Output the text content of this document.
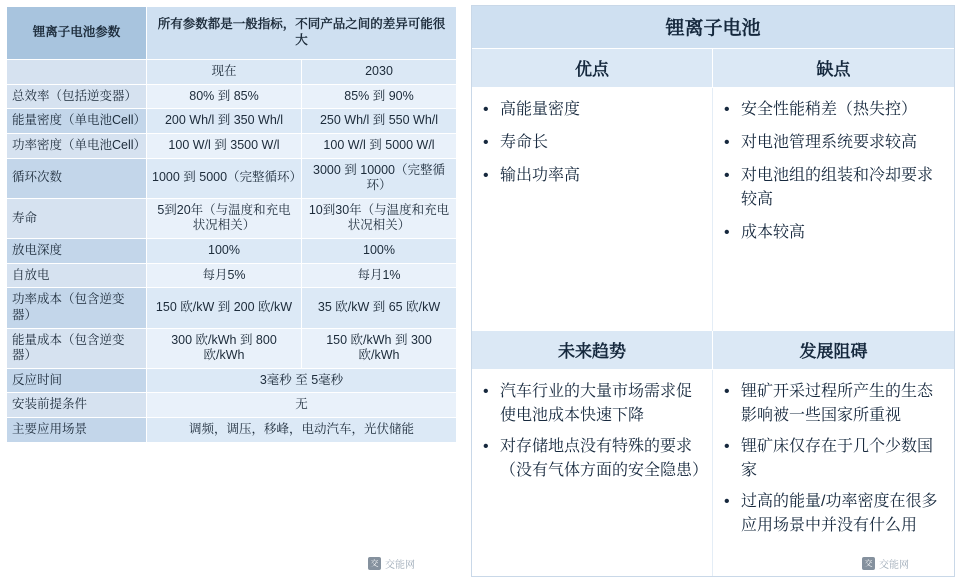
锂离子电池参数	所有参数都是一般指标，不同产品之间的差异可能很大	
	现在	2030
总效率（包括逆变器）	80% 到 85%	85% 到 90%
能量密度（单电池Cell）	200 Wh/l 到 350 Wh/l	250 Wh/l 到 550 Wh/l
功率密度（单电池Cell）	100 W/l 到 3500 W/l	100 W/l 到 5000 W/l
循环次数	1000 到 5000（完整循环）	3000 到 10000（完整循环）
寿命	5到20年（与温度和充电状况相关）	10到30年（与温度和充电状况相关）
放电深度	100%	100%
自放电	每月5%	每月1%
功率成本（包含逆变器）	150 欧/kW 到 200 欧/kW	35 欧/kW 到 65 欧/kW
能量成本（包含逆变器）	300 欧/kWh 到 800 欧/kWh	150 欧/kWh 到 300 欧/kWh
反应时间	3毫秒 至 5毫秒	
安装前提条件	无	
主要应用场景	调频，调压，移峰，电动汽车，光伏储能	
锂离子电池
优点	缺点
• 高能量密度
• 寿命长
• 输出功率高
• 安全性能稍差（热失控）
• 对电池管理系统要求较高
• 对电池组的组装和冷却要求较高
• 成本较高
未来趋势	发展阻碍
• 汽车行业的大量市场需求促使电池成本快速下降
• 对存储地点没有特殊的要求（没有气体方面的安全隐患）
• 锂矿开采过程所产生的生态影响被一些国家所重视
• 锂矿床仅存在于几个少数国家
• 过高的能量/功率密度在很多应用场景中并没有什么用
交 交能网	交 交能网
